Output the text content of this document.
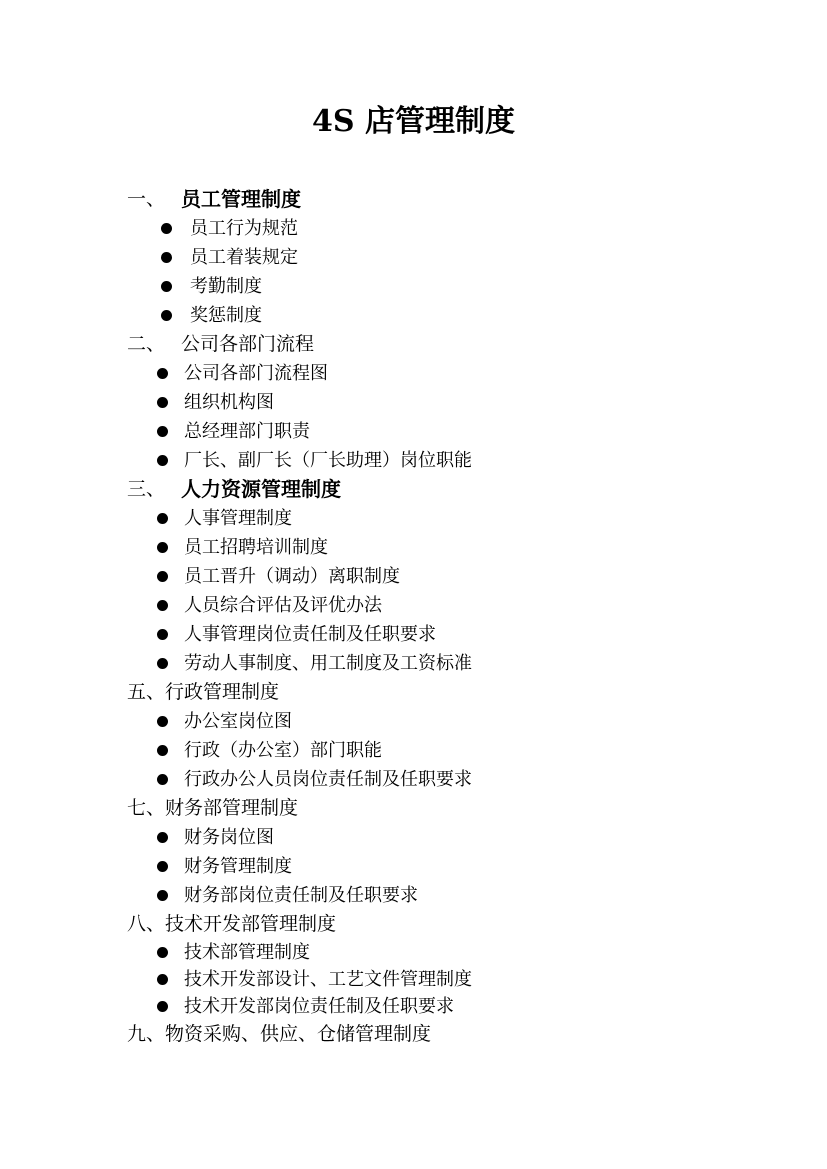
4S 店管理制度
一、 员工管理制度
员工行为规范
员工着装规定
考勤制度
奖惩制度
二、 公司各部门流程
公司各部门流程图
组织机构图
总经理部门职责
厂长、副厂长（厂长助理）岗位职能
三、 人力资源管理制度
人事管理制度
员工招聘培训制度
员工晋升（调动）离职制度
人员综合评估及评优办法
人事管理岗位责任制及任职要求
劳动人事制度、用工制度及工资标准
五、 行政管理制度
办公室岗位图
行政（办公室）部门职能
行政办公人员岗位责任制及任职要求
七、 财务部管理制度
财务岗位图
财务管理制度
财务部岗位责任制及任职要求
八、 技术开发部管理制度
技术部管理制度
技术开发部设计、工艺文件管理制度
技术开发部岗位责任制及任职要求
九、 物资采购、供应、仓储管理制度
